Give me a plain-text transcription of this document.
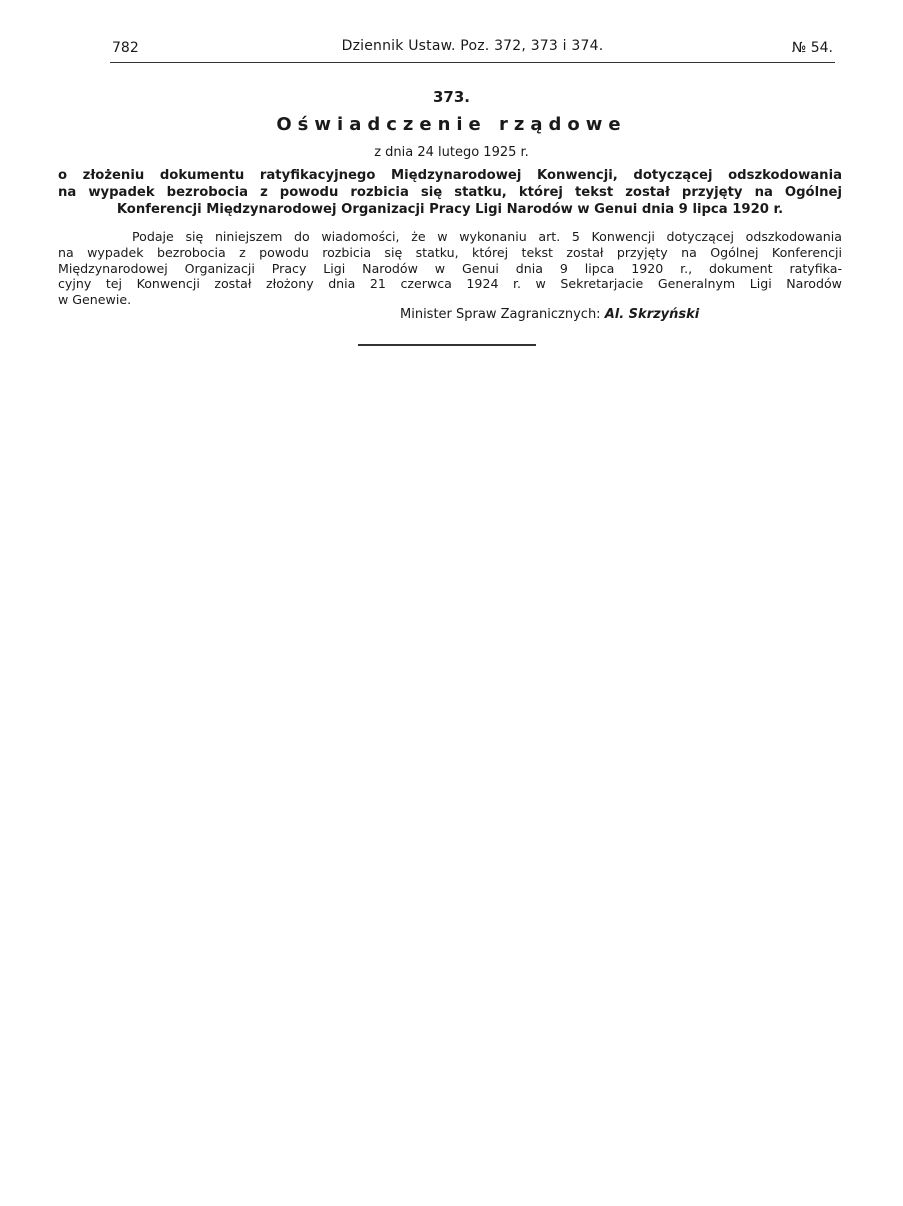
782	Dziennik Ustaw. Poz. 372, 373 i 374.	№ 54.
373.
Oświadczenie rządowe
z dnia 24 lutego 1925 r.
o złożeniu dokumentu ratyfikacyjnego Międzynarodowej Konwencji, dotyczącej odszkodowania
na wypadek bezrobocia z powodu rozbicia się statku, której tekst został przyjęty na Ogólnej
Konferencji Międzynarodowej Organizacji Pracy Ligi Narodów w Genui dnia 9 lipca 1920 r.
Podaje się niniejszem do wiadomości, że w wykonaniu art. 5 Konwencji dotyczącej odszkodowania
na wypadek bezrobocia z powodu rozbicia się statku, której tekst został przyjęty na Ogólnej Konferencji
Międzynarodowej Organizacji Pracy Ligi Narodów w Genui dnia 9 lipca 1920 r., dokument ratyfika-
cyjny tej Konwencji został złożony dnia 21 czerwca 1924 r. w Sekretarjacie Generalnym Ligi Narodów
w Genewie.
Minister Spraw Zagranicznych: Al. Skrzyński
